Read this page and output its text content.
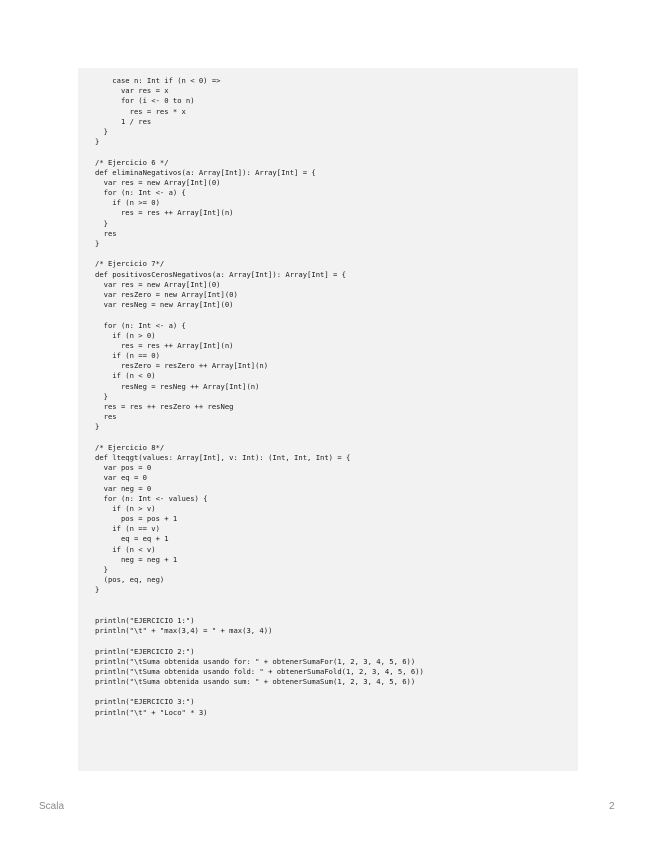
case n: Int if (n < 0) =>
var res = x
for (i <- 0 to n)
res = res * x
1 / res
}
}
/* Ejercicio 6 */
def eliminaNegativos(a: Array[Int]): Array[Int] = {
var res = new Array[Int](0)
for (n: Int <- a) {
if (n >= 0)
res = res ++ Array[Int](n)
}
res
}
/* Ejercicio 7*/
def positivosCerosNegativos(a: Array[Int]): Array[Int] = {
var res = new Array[Int](0)
var resZero = new Array[Int](0)
var resNeg = new Array[Int](0)
for (n: Int <- a) {
if (n > 0)
res = res ++ Array[Int](n)
if (n == 0)
resZero = resZero ++ Array[Int](n)
if (n < 0)
resNeg = resNeg ++ Array[Int](n)
}
res = res ++ resZero ++ resNeg
res
}
/* Ejercicio 8*/
def lteqgt(values: Array[Int], v: Int): (Int, Int, Int) = {
var pos = 0
var eq = 0
var neg = 0
for (n: Int <- values) {
if (n > v)
pos = pos + 1
if (n == v)
eq = eq + 1
if (n < v)
neg = neg + 1
}
(pos, eq, neg)
}
println("EJERCICIO 1:")
println("\t" + "max(3,4) = " + max(3, 4))
println("EJERCICIO 2:")
println("\tSuma obtenida usando for: " + obtenerSumaFor(1, 2, 3, 4, 5, 6))
println("\tSuma obtenida usando fold: " + obtenerSumaFold(1, 2, 3, 4, 5, 6))
println("\tSuma obtenida usando sum: " + obtenerSumaSum(1, 2, 3, 4, 5, 6))
println("EJERCICIO 3:")
println("\t" + "Loco" * 3)
Scala	2
